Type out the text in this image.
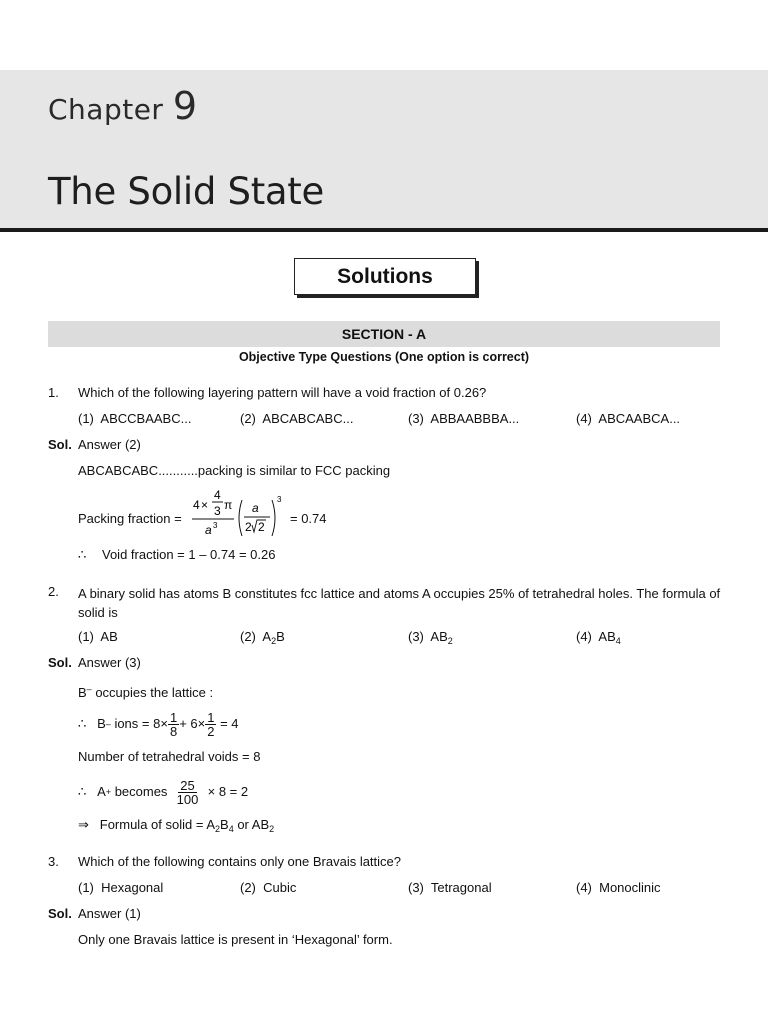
Chapter 9
The Solid State
Solutions
SECTION - A
Objective Type Questions (One option is correct)
1. Which of the following layering pattern will have a void fraction of 0.26?
(1) ABCCBAABC...	(2) ABCABCABC...	(3) ABBAABBBA...	(4) ABCAABCA...
Sol. Answer (2)
ABCABCABC...........packing is similar to FCC packing
Packing fraction =
4 ×
4
3 π
a 3
a
2 2
3
= 0.74
∴ Void fraction = 1 – 0.74 = 0.26
2. A binary solid has atoms B constitutes fcc lattice and atoms A occupies 25% of tetrahedral holes. The formula of solid is
(1) AB	(2) $A_2B$	(3) $AB_2$	(4) $AB_4$
Sol. Answer (3)
B– occupies the lattice :
∴
B –
ions =
$8\times \frac{1}{8} + 6\times \frac{1}{2}$
= 4
Number of tetrahedral voids = 8
∴
A +
becomes
$\frac{25}{100}$
× 8 = 2
⇒ Formula of solid = $A_2B_4$ or $AB_2$
3. Which of the following contains only one Bravais lattice?
(1) Hexagonal	(2) Cubic	(3) Tetragonal	(4) Monoclinic
Sol. Answer (1)
Only one Bravais lattice is present in ‘Hexagonal’ form.
